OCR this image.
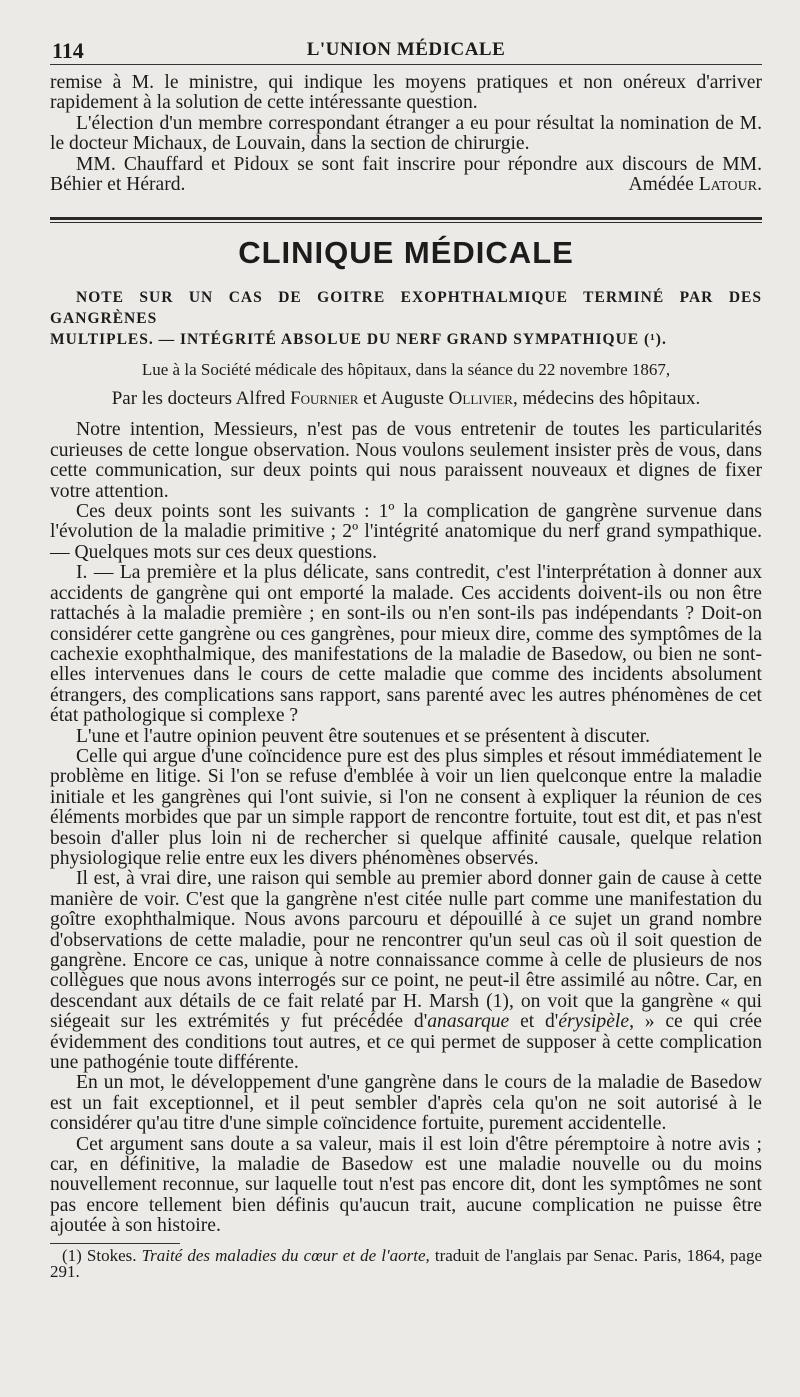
114	L'UNION MÉDICALE

remise à M. le ministre, qui indique les moyens pratiques et non onéreux d'arriver rapidement à la solution de cette intéressante question.

L'élection d'un membre correspondant étranger a eu pour résultat la nomination de M. le docteur Michaux, de Louvain, dans la section de chirurgie.

MM. Chauffard et Pidoux se sont fait inscrire pour répondre aux discours de MM. Béhier et Hérard.	Amédée Latour.

CLINIQUE MÉDICALE
NOTE SUR UN CAS DE GOITRE EXOPHTHALMIQUE TERMINÉ PAR DES GANGRÈNES
MULTIPLES. — INTÉGRITÉ ABSOLUE DU NERF GRAND SYMPATHIQUE (¹).
Lue à la Société médicale des hôpitaux, dans la séance du 22 novembre 1867,
Par les docteurs Alfred Fournier et Auguste Ollivier, médecins des hôpitaux.

Notre intention, Messieurs, n'est pas de vous entretenir de toutes les particularités curieuses de cette longue observation. Nous voulons seulement insister près de vous, dans cette communication, sur deux points qui nous paraissent nouveaux et dignes de fixer votre attention.

Ces deux points sont les suivants : 1º la complication de gangrène survenue dans l'évolution de la maladie primitive ; 2º l'intégrité anatomique du nerf grand sympathique. — Quelques mots sur ces deux questions.

I. — La première et la plus délicate, sans contredit, c'est l'interprétation à donner aux accidents de gangrène qui ont emporté la malade. Ces accidents doivent-ils ou non être rattachés à la maladie première ; en sont-ils ou n'en sont-ils pas indépendants ? Doit-on considérer cette gangrène ou ces gangrènes, pour mieux dire, comme des symptômes de la cachexie exophthalmique, des manifestations de la maladie de Basedow, ou bien ne sont-elles intervenues dans le cours de cette maladie que comme des incidents absolument étrangers, des complications sans rapport, sans parenté avec les autres phénomènes de cet état pathologique si complexe ?

L'une et l'autre opinion peuvent être soutenues et se présentent à discuter.

Celle qui argue d'une coïncidence pure est des plus simples et résout immédiatement le problème en litige. Si l'on se refuse d'emblée à voir un lien quelconque entre la maladie initiale et les gangrènes qui l'ont suivie, si l'on ne consent à expliquer la réunion de ces éléments morbides que par un simple rapport de rencontre fortuite, tout est dit, et pas n'est besoin d'aller plus loin ni de rechercher si quelque affinité causale, quelque relation physiologique relie entre eux les divers phénomènes observés.

Il est, à vrai dire, une raison qui semble au premier abord donner gain de cause à cette manière de voir. C'est que la gangrène n'est citée nulle part comme une manifestation du goître exophthalmique. Nous avons parcouru et dépouillé à ce sujet un grand nombre d'observations de cette maladie, pour ne rencontrer qu'un seul cas où il soit question de gangrène. Encore ce cas, unique à notre connaissance comme à celle de plusieurs de nos collègues que nous avons interrogés sur ce point, ne peut-il être assimilé au nôtre. Car, en descendant aux détails de ce fait relaté par H. Marsh (1), on voit que la gangrène « qui siégeait sur les extrémités y fut précédée d'anasarque et d'érysipèle, » ce qui crée évidemment des conditions tout autres, et ce qui permet de supposer à cette complication une pathogénie toute différente.

En un mot, le développement d'une gangrène dans le cours de la maladie de Basedow est un fait exceptionnel, et il peut sembler d'après cela qu'on ne soit autorisé à le considérer qu'au titre d'une simple coïncidence fortuite, purement accidentelle.

Cet argument sans doute a sa valeur, mais il est loin d'être péremptoire à notre avis ; car, en définitive, la maladie de Basedow est une maladie nouvelle ou du moins nouvellement reconnue, sur laquelle tout n'est pas encore dit, dont les symptômes ne sont pas encore tellement bien définis qu'aucun trait, aucune complication ne puisse être ajoutée à son histoire.

(1) Stokes. Traité des maladies du cœur et de l'aorte, traduit de l'anglais par Senac. Paris, 1864, page 291.
